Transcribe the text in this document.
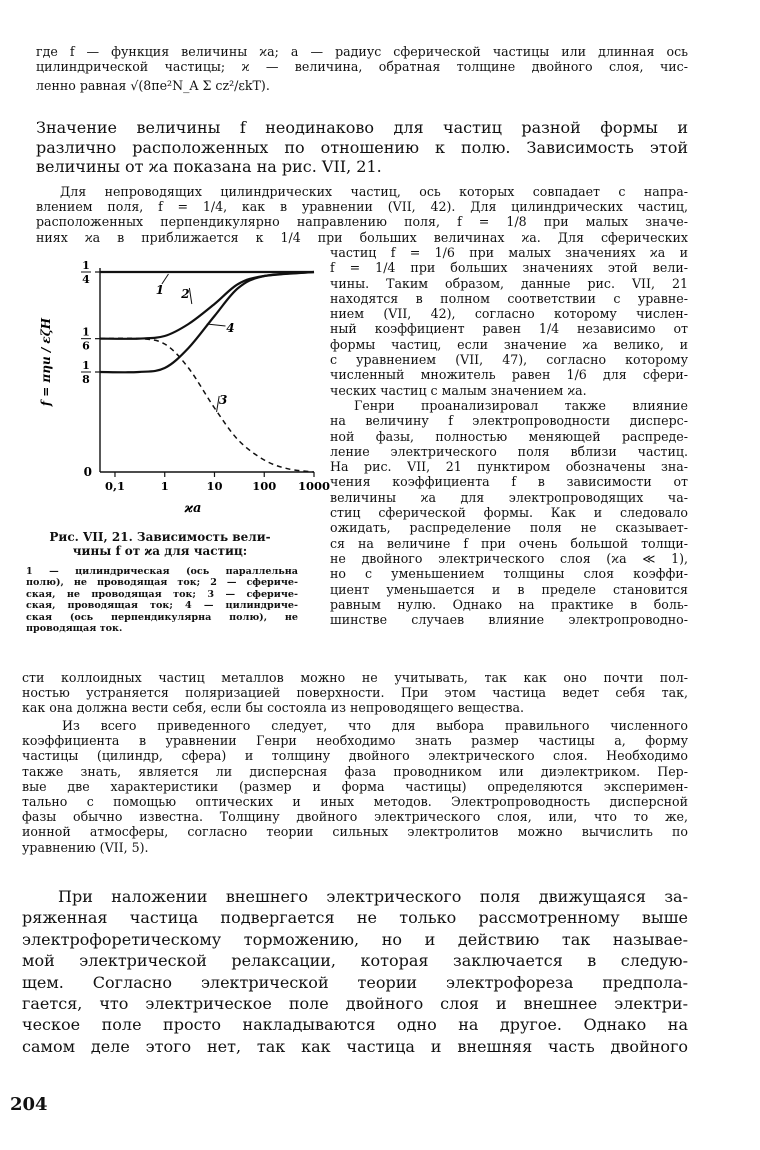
где f — функция величины ϰa; a — радиус сферической частицы или длинная ось
цилиндрической частицы; ϰ — величина, обратная толщине двойного слоя, чис-
ленно равная √(8πe²N_A Σ cz²/εkT).
Значение величины f неодинаково для частиц разной формы и
различно расположенных по отношению к полю. Зависимость этой
величины от ϰa показана на рис. VII, 21.
Для непроводящих цилиндрических частиц, ось которых совпадает с напра-
влением поля, f = 1/4, как в уравнении (VII, 42). Для цилиндрических частиц,
расположенных перпендикулярно направлению поля, f = 1/8 при малых значе-
ниях ϰa в приближается к 1/4 при больших величинах ϰa. Для сферических
1
4
1
6
1
8
0
0,1	1	10	100 1000
ϰa
f = πηu / εζH
1 2
4
3
Рис. VII, 21. Зависимость вели-
чины f от ϰa для частиц:
1 — цилиндрическая (ось параллельна
полю), не проводящая ток; 2 — сфериче-
ская, не проводящая ток; 3 — сфериче-
ская, проводящая ток; 4 — цилиндриче-
ская (ось перпендикулярна полю), не
проводящая ток.
частиц f = 1/6 при малых значениях ϰa и
f = 1/4 при больших значениях этой вели-
чины. Таким образом, данные рис. VII, 21
находятся в полном соответствии с уравне-
нием (VII, 42), согласно которому числен-
ный коэффициент равен 1/4 независимо от
формы частиц, если значение ϰa велико, и
с уравнением (VII, 47), согласно которому
численный множитель равен 1/6 для сфери-
ческих частиц с малым значением ϰa.
Генри проанализировал также влияние
на величину f электропроводности дисперс-
ной фазы, полностью меняющей распреде-
ление электрического поля вблизи частиц.
На рис. VII, 21 пунктиром обозначены зна-
чения коэффициента f в зависимости от
величины ϰa для электропроводящих ча-
стиц сферической формы. Как и следовало
ожидать, распределение поля не сказывает-
ся на величине f при очень большой толщи-
не двойного электрического слоя (ϰa ≪ 1),
но с уменьшением толщины слоя коэффи-
циент уменьшается и в пределе становится
равным нулю. Однако на практике в боль-
шинстве случаев влияние электропроводно-
сти коллоидных частиц металлов можно не учитывать, так как оно почти пол-
ностью устраняется поляризацией поверхности. При этом частица ведет себя так,
как она должна вести себя, если бы состояла из непроводящего вещества.
Из всего приведенного следует, что для выбора правильного численного
коэффициента в уравнении Генри необходимо знать размер частицы a, форму
частицы (цилиндр, сфера) и толщину двойного электрического слоя. Необходимо
также знать, является ли дисперсная фаза проводником или диэлектриком. Пер-
вые две характеристики (размер и форма частицы) определяются эксперимен-
тально с помощью оптических и иных методов. Электропроводность дисперсной
фазы обычно известна. Толщину двойного электрического слоя, или, что то же,
ионной атмосферы, согласно теории сильных электролитов можно вычислить по
уравнению (VII, 5).
При наложении внешнего электрического поля движущаяся за-
ряженная частица подвергается не только рассмотренному выше
электрофоретическому торможению, но и действию так называе-
мой электрической релаксации, которая заключается в следую-
щем. Согласно электрической теории электрофореза предпола-
гается, что электрическое поле двойного слоя и внешнее электри-
ческое поле просто накладываются одно на другое. Однако на
самом деле этого нет, так как частица и внешняя часть двойного
204
